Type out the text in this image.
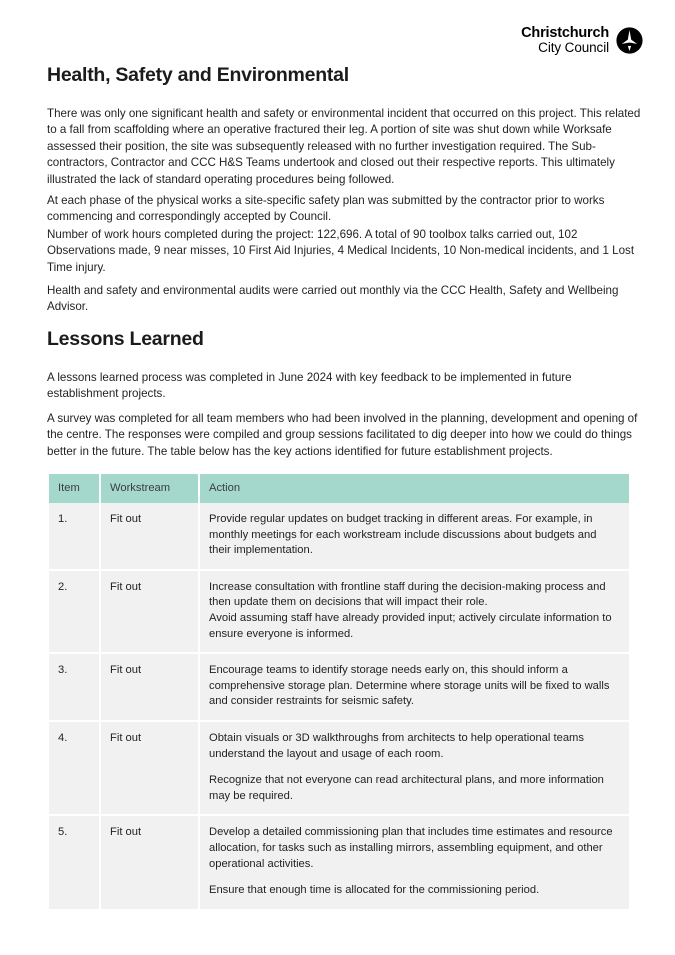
Christchurch
City Council
Health, Safety and Environmental

There was only one significant health and safety or environmental incident that occurred on this project. This related to a fall from scaffolding where an operative fractured their leg. A portion of site was shut down while Worksafe assessed their position, the site was subsequently released with no further investigation required. The Sub-contractors, Contractor and CCC H&S Teams undertook and closed out their respective reports. This ultimately illustrated the lack of standard operating procedures being followed.

At each phase of the physical works a site-specific safety plan was submitted by the contractor prior to works commencing and correspondingly accepted by Council.

Number of work hours completed during the project: 122,696. A total of 90 toolbox talks carried out, 102 Observations made, 9 near misses, 10 First Aid Injuries, 4 Medical Incidents, 10 Non-medical incidents, and 1 Lost Time injury.

Health and safety and environmental audits were carried out monthly via the CCC Health, Safety and Wellbeing Advisor.

Lessons Learned

A lessons learned process was completed in June 2024 with key feedback to be implemented in future establishment projects.

A survey was completed for all team members who had been involved in the planning, development and opening of the centre. The responses were compiled and group sessions facilitated to dig deeper into how we could do things better in the future. The table below has the key actions identified for future establishment projects.

Item	Workstream	Action
1.	Fit out	Provide regular updates on budget tracking in different areas. For example, in monthly meetings for each workstream include discussions about budgets and their implementation.

2.	Fit out	Increase consultation with frontline staff during the decision-making process and then update them on decisions that will impact their role.

Avoid assuming staff have already provided input; actively circulate information to ensure everyone is informed.

3.	Fit out	Encourage teams to identify storage needs early on, this should inform a comprehensive storage plan. Determine where storage units will be fixed to walls and consider restraints for seismic safety.

4.	Fit out	Obtain visuals or 3D walkthroughs from architects to help operational teams understand the layout and usage of each room.

Recognize that not everyone can read architectural plans, and more information may be required.

5.	Fit out	Develop a detailed commissioning plan that includes time estimates and resource allocation, for tasks such as installing mirrors, assembling equipment, and other operational activities.

Ensure that enough time is allocated for the commissioning period.
